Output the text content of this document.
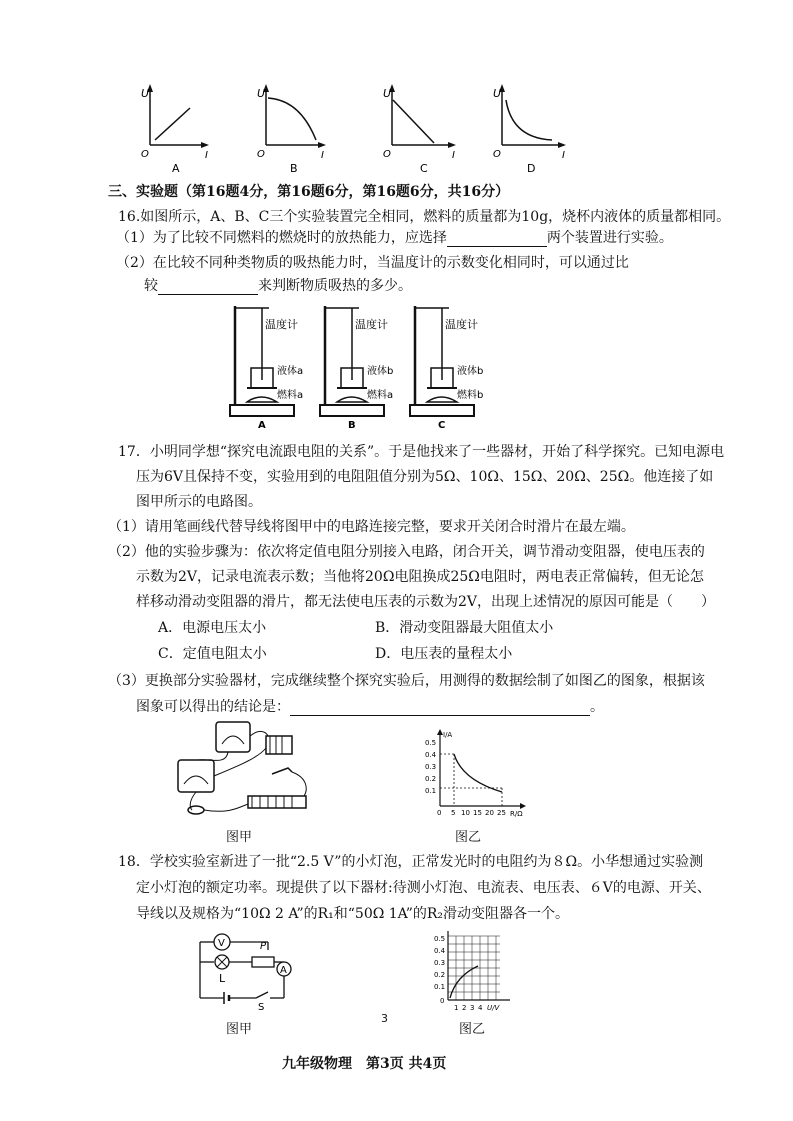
U
O	I
A
U
O	I
B
U
O	I
C
U
O	I
D
三、实验题（第16题4分，第16题6分，第16题6分，共16分）
16.如图所示，A、B、C三个实验装置完全相同，燃料的质量都为10g，烧杯内液体的质量都相同。
（1）为了比较不同燃料的燃烧时的放热能力，应选择	两个装置进行实验。
（2）在比较不同种类物质的吸热能力时，当温度计的示数变化相同时，可以通过比
较	来判断物质吸热的多少。
温度计
液体a
燃料a
A
温度计
液体b
燃料a
B
温度计
液体b
燃料b
C
17．小明同学想“探究电流跟电阻的关系”。于是他找来了一些器材，开始了科学探究。已知电源电
压为6V且保持不变，实验用到的电阻阻值分别为5Ω、10Ω、15Ω、20Ω、25Ω。他连接了如
图甲所示的电路图。
（1）请用笔画线代替导线将图甲中的电路连接完整，要求开关闭合时滑片在最左端。
（2）他的实验步骤为：依次将定值电阻分别接入电路，闭合开关，调节滑动变阻器，使电压表的
示数为2V，记录电流表示数；当他将20Ω电阻换成25Ω电阻时，两电表正常偏转，但无论怎
样移动滑动变阻器的滑片，都无法使电压表的示数为2V，出现上述情况的原因可能是（　　）
A．电源电压太小	B．滑动变阻器最大阻值太小
C．定值电阻太小	D．电压表的量程太小
（3）更换部分实验器材，完成继续整个探究实验后，用测得的数据绘制了如图乙的图象，根据该
图象可以得出的结论是：	。
图甲
I/A
R/Ω
0.5
0.4
0.3
0.2
0.1
0 5 10 15 20 25
图乙
18．学校实验室新进了一批“2.5 V”的小灯泡，正常发光时的电阻约为８Ω。小华想通过实验测
定小灯泡的额定功率。现提供了以下器材:待测小灯泡、电流表、电压表、６V的电源、开关、
导线以及规格为“10Ω 2 A”的R₁和“50Ω 1A”的R₂滑动变阻器各一个。
V
L
P
A
S
图甲
0.5
0.4
0.3
0.2
0.1
0
1 2 3 4 U/V
图乙
3
九年级物理　第3页 共4页
